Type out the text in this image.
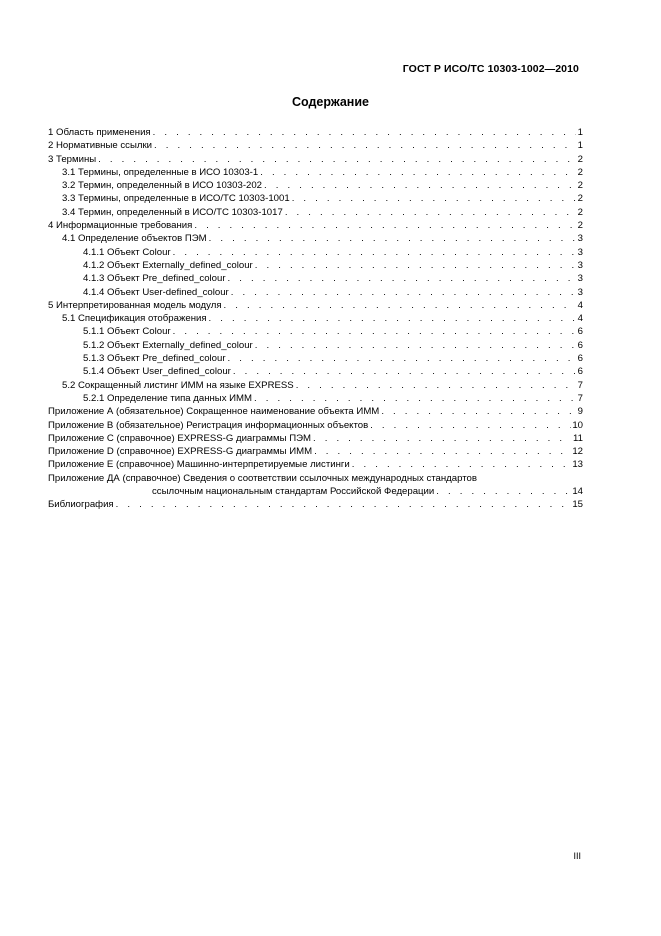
ГОСТ Р ИСО/ТС 10303-1002—2010
Содержание
1 Область применения . . .	1
2 Нормативные ссылки . . .	1
3 Термины . . .	2
3.1 Термины, определенные в ИСО 10303-1 . . .	2
3.2 Термин, определенный в ИСО 10303-202 . . .	2
3.3 Термины, определенные в ИСО/ТС 10303-1001 . . .	2
3.4 Термин, определенный в ИСО/ТС 10303-1017 . . .	2
4 Информационные требования . . .	2
4.1 Определение объектов ПЭМ . . .	3
4.1.1 Объект Colour . . .	3
4.1.2 Объект Externally_defined_colour . . .	3
4.1.3 Объект Pre_defined_colour . . .	3
4.1.4 Объект User-defined_colour . . .	3
5 Интерпретированная модель модуля . . .	4
5.1 Спецификация отображения . . .	4
5.1.1 Объект Colour . . .	6
5.1.2 Объект Externally_defined_colour . . .	6
5.1.3 Объект Pre_defined_colour . . .	6
5.1.4 Объект User_defined_colour . . .	6
5.2 Сокращенный листинг ИММ на языке EXPRESS . . .	7
5.2.1 Определение типа данных ИММ . . .	7
Приложение А (обязательное) Сокращенное наименование объекта ИММ . . .	9
Приложение В (обязательное) Регистрация информационных объектов . . .	10
Приложение С (справочное) EXPRESS-G диаграммы ПЭМ . . .	11
Приложение D (справочное) EXPRESS-G диаграммы ИММ . . .	12
Приложение Е (справочное) Машинно-интерпретируемые листинги . . .	13
Приложение ДА (справочное) Сведения о соответствии ссылочных международных стандартов
ссылочным национальным стандартам Российской Федерации . . .	14
Библиография . . .	15
III
